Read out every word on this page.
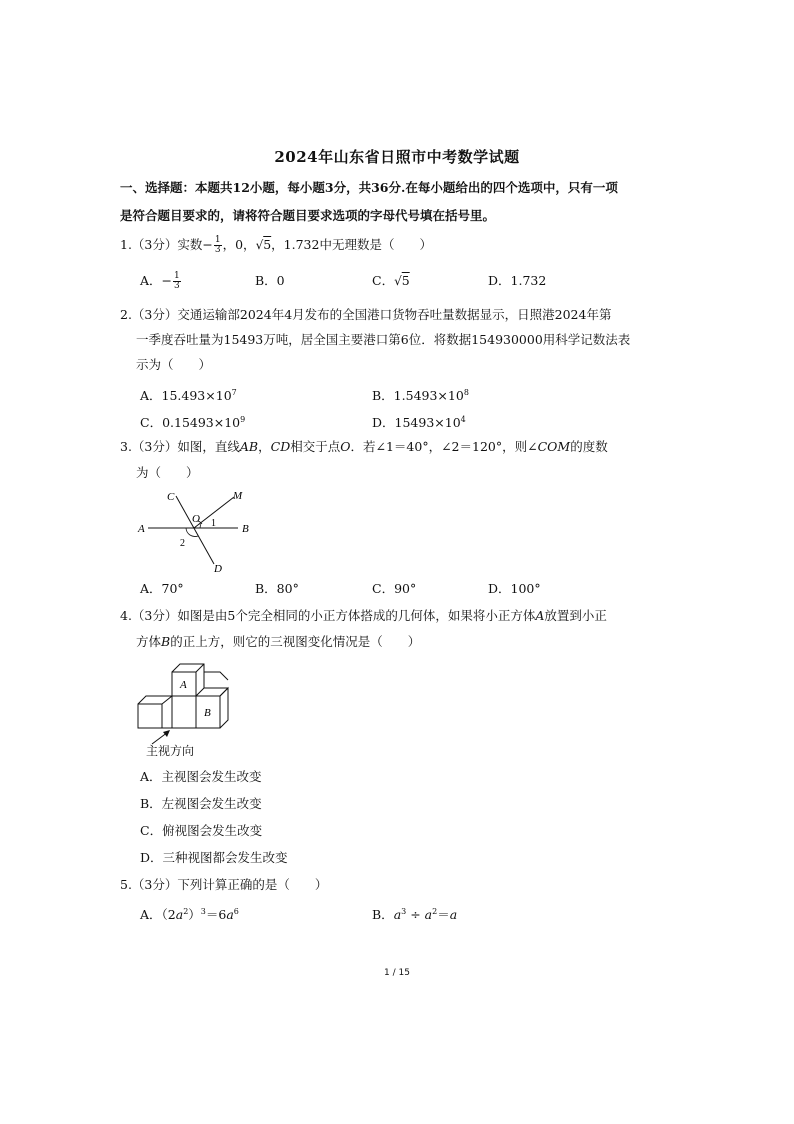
2024年山东省日照市中考数学试题
一、选择题：本题共12小题，每小题3分，共36分.在每小题给出的四个选项中，只有一项
是符合题目要求的，请将符合题目要求选项的字母代号填在括号里。
1.（3分）实数− $\frac{1}{3}$ ，0，√5，1.732中无理数是（　　）
A．− $\frac{1}{3}$	B．0	C．√5	D．1.732
2.（3分）交通运输部2024年4月发布的全国港口货物吞吐量数据显示，日照港2024年第
一季度吞吐量为15493万吨，居全国主要港口第6位．将数据154930000用科学记数法表
示为（　　）
A．$15.493\times 10^7$	B．$1.5493\times 10^8$
C．$0.15493\times 10^9$	D．$15493\times 10^4$
3.（3分）如图，直线AB，CD相交于点O．若∠1＝40°，∠2＝120°，则∠COM的度数
为（　　）
C	M
O 1
A	B
2
D
A．70°	B．80°	C．90°	D．100°
4.（3分）如图是由5个完全相同的小正方体搭成的几何体，如果将小正方体A放置到小正
方体B的正上方，则它的三视图变化情况是（　　）
A
B
主视方向
A．主视图会发生改变
B．左视图会发生改变
C．俯视图会发生改变
D．三种视图都会发生改变
5.（3分）下列计算正确的是（　　）
A．$(2a^2)^3=6a^6$	B．$a^3 \div a^2=a$
1 / 15
